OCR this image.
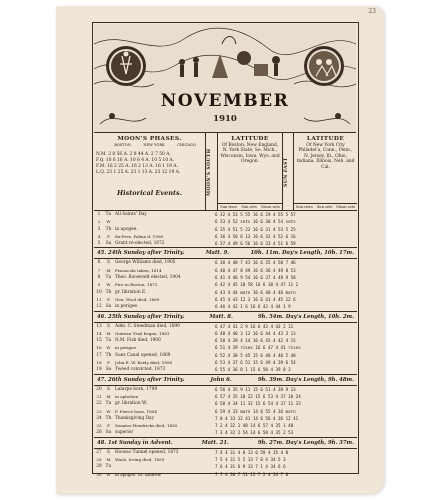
23
NOVEMBER
1910
MOON'S PHASES.
BOSTON	NEW YORK	CHICAGO
N.M. 2 8 56 A. 2 8 44 A. 2 7 50 A.
F.Q. 10 6 16 A. 10 6 4 A. 10 5 10 A.
F.M. 16 2 25 A. 16 2 13 A. 16 1 19 A.
L.Q. 23 1 25 A. 23 1 13 A. 23 12 19 A.
Historical Events.	MOON'S SOUTH
LATITUDE
Of Boston; New England, N. York State, So. Mich., Wisconsin, Iowa, Wyo. and Oregon.
Sun rises Sun sets Moon sets
SUN FAST
LATITUDE
Of New York City Philadel'a, Conn., Penn., N. Jersey, Ill., Ohio, Indiana, Illinois, Neb. and Cal.
Sun rises Sun sets Moon sets
1	Tu All Saints' Day	6 32 4 53 5 55 16 6 29 4 55 5 57
2	W	6 33 4 52 sets 16 6 30 4 54 sets
3	Th in apogee.	6 35 4 51 5 22 16 6 31 4 53 5 25
4	F	Ex-Pres. Palma d. 1908	6 36 4 50 6 13 16 6 32 4 52 6 16
5	Sa Grant re-elected, 1872	6 37 4 49 6 56 16 6 33 4 51 6 59
45. 24th Sunday after Trinity.	Matt. 9.	10h. 11m. Day's Length, 10h. 17m.
6	S	George Williams died, 1905	6 38 4 48 7 41 16 6 35 4 50 7 46
7	M	Pensacola taken, 1814	6 40 4 47 8 49 16 6 36 4 49 8 53
8	Tu Theo. Roosevelt elected, 1904	6 41 4 46 9 54 16 6 37 4 48 9 58
9	W	Fire in Boston, 1872	6 42 4 45 10 58 16 6 38 4 47 11 2
10 Th gr. libration E.	6 43 4 44 morn 16 6 40 4 46 morn
11	F	Gen. Wool died, 1869	6 45 4 43 12 3 16 6 41 4 45 12 6
12 Sa in perigee	6 46 4 42 1 6 16 6 42 4 44 1 9
46. 25th Sunday after Trinity.	Matt. 8.	9h. 54m. Day's Length, 10h. 2m.
13	S	Adm. C. Steedman died, 1890	6 47 4 41 2 9 16 6 43 4 43 2 11
14	M	Guiteau Trial began, 1881	6 48 4 40 3 12 16 6 44 4 43 3 13
15 Tu N.M. Fish died, 1900	6 50 4 39 4 14 16 6 45 4 42 4 15
16	W	in perigee	6 51 4 39 rises 16 6 47 4 41 rises
17 Th Suez Canal opened, 1869	6 52 4 38 5 45 15 6 48 4 40 5 48
18	F	John E. W. Keely died, 1898	6 53 4 37 6 51 15 6 49 4 39 6 54
19 Sa Tweed convicted, 1873	6 55 4 36 8 1 15 6 50 4 39 8 3
47. 26th Sunday after Trinity.	John 6.	9h. 39m. Day's Length, 9h. 48m.
20	S	Lalurpe born, 1709	6 56 4 35 9 11 15 6 51 4 38 9 13
21	M	in aphelion	6 57 4 35 10 22 15 6 53 4 37 10 24
22 Tu gr. libration W.	6 58 4 34 11 32 15 6 54 4 37 11 33
23	W	F. Pierce born, 1804	6 59 4 33 morn 14 6 55 4 36 morn
24 Th Thanksgiving Day	7 0 4 33 12 41 14 6 56 4 36 12 41
25	F	Senator Hendricks died, 1885	7 2 4 32 1 48 14 6 57 4 35 1 48
26 Sa superior	7 3 4 32 2 54 14 6 58 4 35 2 53
48. 1st Sunday in Advent.	Matt. 21.	9h. 27m. Day's Length, 9h. 37m.
27	S	Hoosac Tunnel opened, 1873	7 4 4 31 4 0 13 6 59 4 35 4 0
28	M	Wash. Irving died, 1859	7 5 4 31 5 5 13 7 0 4 34 5 3
29 Tu	7 6 4 31 6 9 13 7 1 4 34 6 6
30	W	in apogee. St. Andrew	7 7 4 30 7 11 12 7 2 4 34 7 8
